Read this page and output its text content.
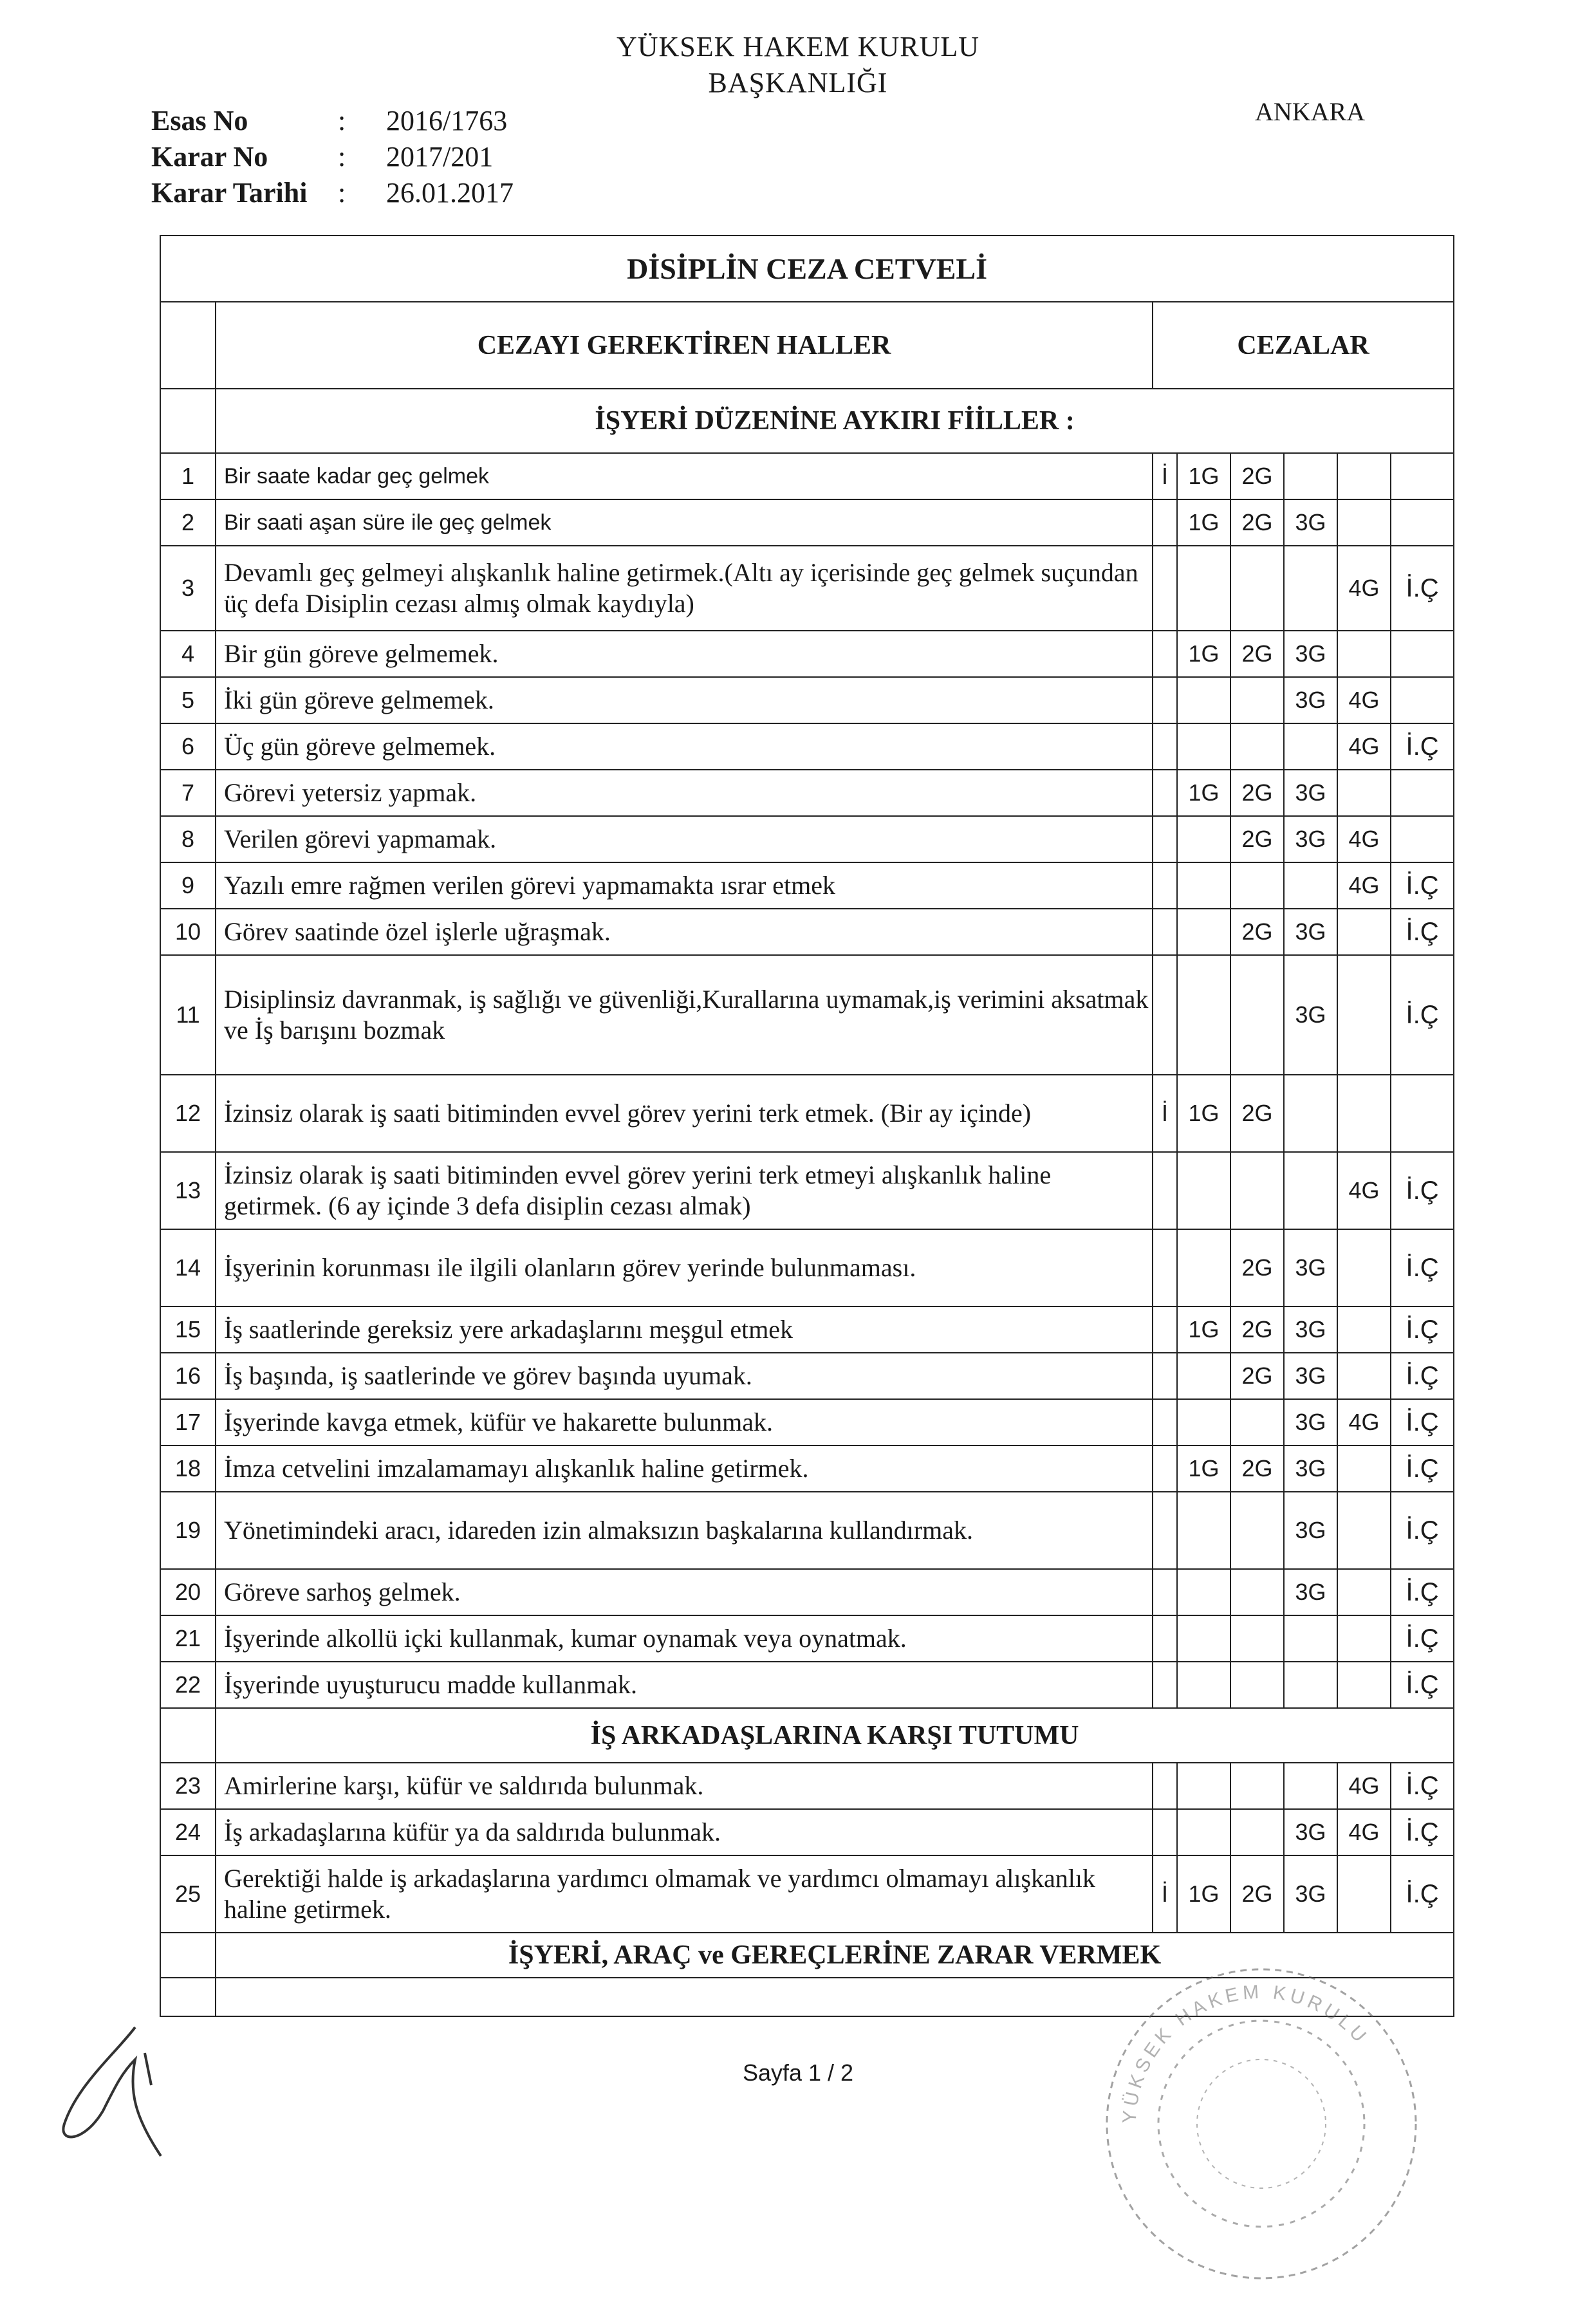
YÜKSEK HAKEM KURULU
BAŞKANLIĞI
ANKARA
Esas No	:	2016/1763
Karar No	:	2017/201
Karar Tarihi	:	26.01.2017
DİSİPLİN CEZA CETVELİ							
	CEZAYI GEREKTİREN HALLER	CEZALAR					
	İŞYERİ DÜZENİNE AYKIRI FİİLLER :						
1	Bir saate kadar geç gelmek	İ	1G	2G			
2	Bir saati aşan süre ile geç gelmek		1G	2G	3G		
3	Devamlı geç gelmeyi alışkanlık haline getirmek.(Altı ay içerisinde geç gelmek suçundan üç defa Disiplin cezası almış olmak kaydıyla)					4G	İ.Ç
4	Bir gün göreve gelmemek.		1G	2G	3G		
5	İki gün göreve gelmemek.				3G	4G	
6	Üç gün göreve gelmemek.					4G	İ.Ç
7	Görevi yetersiz yapmak.		1G	2G	3G		
8	Verilen görevi yapmamak.			2G	3G	4G	
9	Yazılı emre rağmen verilen görevi yapmamakta ısrar etmek					4G	İ.Ç
10	Görev saatinde özel işlerle uğraşmak.			2G	3G		İ.Ç
11	Disiplinsiz davranmak, iş sağlığı ve güvenliği,Kurallarına uymamak,iş verimini aksatmak ve İş barışını bozmak				3G		İ.Ç
12	İzinsiz olarak iş saati bitiminden evvel görev yerini terk etmek. (Bir ay içinde)	İ	1G	2G			
13	İzinsiz olarak iş saati bitiminden evvel görev yerini terk etmeyi alışkanlık haline getirmek. (6 ay içinde 3 defa disiplin cezası almak)					4G	İ.Ç
14	İşyerinin korunması ile ilgili olanların görev yerinde bulunmaması.			2G	3G		İ.Ç
15	İş saatlerinde gereksiz yere arkadaşlarını meşgul etmek		1G	2G	3G		İ.Ç
16	İş başında, iş saatlerinde ve görev başında uyumak.			2G	3G		İ.Ç
17	İşyerinde kavga etmek, küfür ve hakarette bulunmak.				3G	4G	İ.Ç
18	İmza cetvelini imzalamamayı alışkanlık haline getirmek.		1G	2G	3G		İ.Ç
19	Yönetimindeki aracı, idareden izin almaksızın başkalarına kullandırmak.				3G		İ.Ç
20	Göreve sarhoş gelmek.				3G		İ.Ç
21	İşyerinde alkollü içki kullanmak, kumar oynamak veya oynatmak.						İ.Ç
22	İşyerinde uyuşturucu madde kullanmak.						İ.Ç
	İŞ ARKADAŞLARINA KARŞI TUTUMU						
23	Amirlerine karşı, küfür ve saldırıda bulunmak.					4G	İ.Ç
24	İş arkadaşlarına küfür ya da saldırıda bulunmak.				3G	4G	İ.Ç
25	Gerektiği halde iş arkadaşlarına yardımcı olmamak ve yardımcı olmamayı alışkanlık haline getirmek.	İ	1G	2G	3G		İ.Ç
	İŞYERİ, ARAÇ ve GEREÇLERİNE ZARAR VERMEK						

Sayfa 1 / 2
YÜKSEK HAKEM KURULU
